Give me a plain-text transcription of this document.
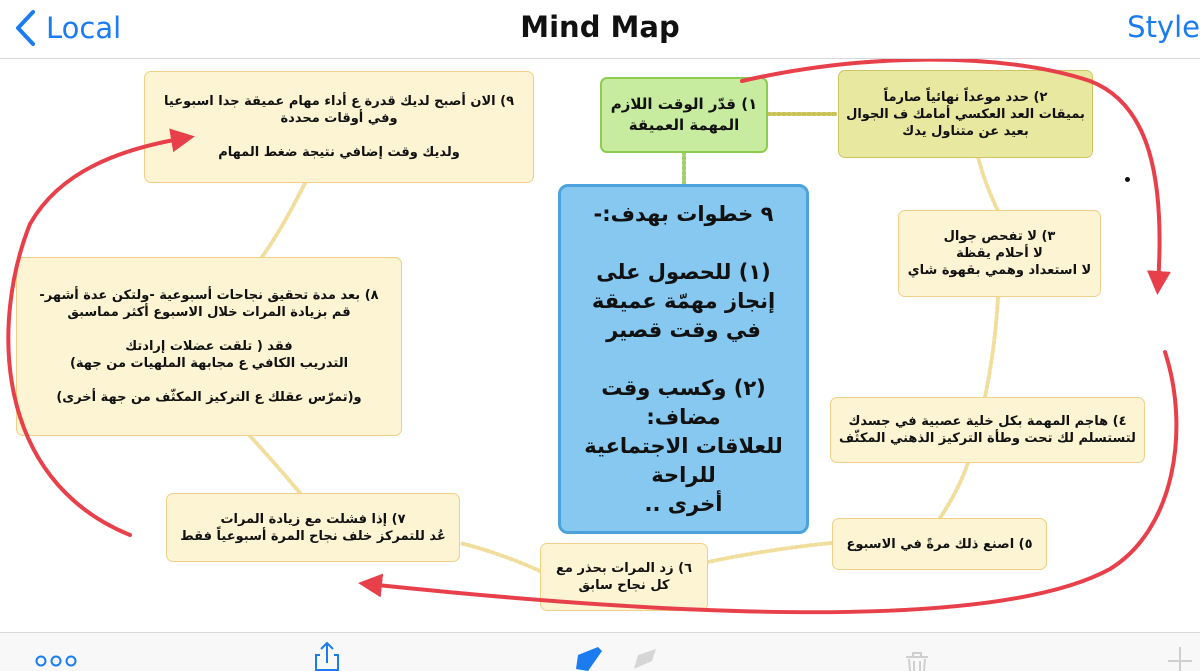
Local	Mind Map	Style
١) قدّر الوقت اللازم
المهمة العميقة
٢) حدد موعداً نهائياً صارماً
بميقات العد العكسي أمامك ف الجوال
بعيد عن متناول يدك
٣) لا تفحص جوال
لا أحلام يقظة
لا استعداد وهمي بقهوة شاي
٤) هاجم المهمة بكل خلية عصبية في جسدك
لتستسلم لك تحت وطأة التركيز الذهني المكثّف
٥) اصنع ذلك مرةً في الاسبوع
٦) زد المرات بحذر مع
كل نجاح سابق
٧) إذا فشلت مع زيادة المرات
عُد للتمركز خلف نجاح المرة أسبوعياً فقط
٨) بعد مدة تحقيق نجاحات أسبوعية -ولتكن عدة أشهر-
قم بزيادة المرات خلال الاسبوع أكثر مماسبق

فقد ( تلقت عضلات إرادتك
التدريب الكافي ع مجابهة الملهيات من جهة)

و(تمرّس عقلك ع التركيز المكثّف من جهة أخرى)
٩) الان أصبح لديك قدرة ع أداء مهام عميقة جدا اسبوعيا
وفي أوقات محددة

ولديك وقت إضافي نتيجة ضغط المهام
٩ خطوات بهدف:-

(١) للحصول على
إنجاز مهمّة عميقة
في وقت قصير

(٢) وكسب وقت مضاف:
للعلاقات الاجتماعية
للراحة
أخرى ..
